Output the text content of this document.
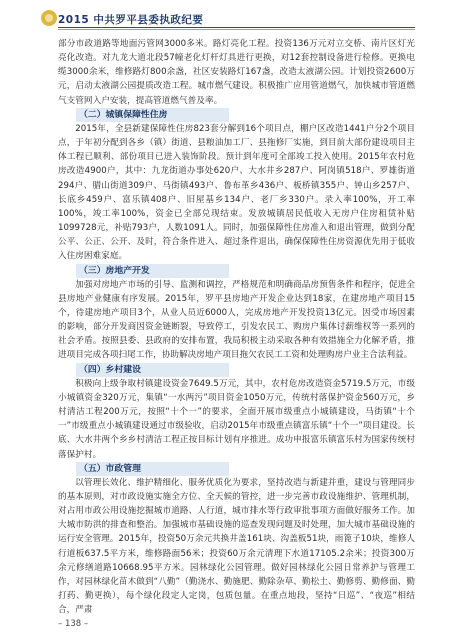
2015 中共罗平县委执政纪要

部分市政道路等地面污管网3000多米。路灯亮化工程。投资136万元对立交桥、南片区灯光亮化改造。对九龙大道北段57幢老化灯杆灯具进行更换，对12套控制设备进行检修。更换电缆3000余米，维修路灯800余盏，社区安装路灯167盏，改造太液湖公园。计划投资2600万元，启动太液湖公园提质改造工程。城市燃气建设。积极推广应用管道燃气，加快城市管道燃气支管网入户安装，提高管道燃气普及率。

（二）城镇保障性住房

2015年，全县新建保障性住房823套分解到16个项目点，棚户区改造1441户分2个项目点，于年初分配到各乡（镇）街道、县粮油加工厂、县拖修厂实施，到目前大部份建设项目主体工程已顺利、部份项目已进入装饰阶段。预计到年度可全部竣工投入使用。2015年农村危房改造4900户，其中：九龙街道办事处620户、大水井乡287户、阿岗镇518户、罗雄街道294户、腊山街道309户、马街镇493户、鲁布革乡436户、板桥镇355户、钟山乡257户、长底乡459户、富乐镇408户、旧屋基乡134户、老厂乡330户。录入率100%，开工率100%，竣工率100%，资金已全部兑现结束。发放城镇居民低收入无房户住房租赁补贴1099728元，补贴793户，人数1091人。同时，加强保障性住房准入和退出管理，做到分配公平、公正、公开、及时，符合条件进入、超过条件退出，确保保障性住房资源优先用于低收入住房困难家庭。

（三）房地产开发

加强对房地产市场的引导、监测和调控，严格规范和明确商品房预售条件和程序，促进全县房地产业健康有序发展。2015年，罗平县房地产开发企业达到18家，在建房地产项目15个，待建房地产项目3个，从业人员近6000人，完成房地产开发投资13亿元。因受市场因素的影响，部分开发商因资金链断裂，导致停工，引发农民工、购房户集体讨薪维权等一系列的社会矛盾。按照县委、县政府的安排布置，我局积极主动采取各种有效措施全力化解矛盾，推进项目完成各项扫尾工作，协助解决房地产项目拖欠农民工工资和处理购房户业主合法利益。

（四）乡村建设

积极向上级争取村镇建设资金7649.5万元，其中，农村危房改造资金5719.5万元，市级小城镇资金320万元，集镇“一水两污”项目资金1050万元，传统村落保护资金560万元，乡村清洁工程200万元，按照“十个一”的要求，全面开展市级重点小城镇建设，马街镇“十个一”市级重点小城镇建设通过市级验收，启动2015年市级重点镇富乐镇“十个一”项目建设。长底、大水井两个乡乡村清洁工程正按目标计划有序推进。成功申报富乐镇富乐村为国家传统村落保护村。

（五）市政管理

以管理长效化、维护精细化、服务优质化为要求，坚持改造与新建并重，建设与管理同步的基本原则，对市政设施实施全方位、全天候的管控，进一步完善市政设施维护、管理机制，对占用市政公用设施挖掘城市道路、人行道，城市排水等行政审批事项方面做好服务工作。加大城市防洪的排查和整治。加强城市基础设施的巡查发现问题及时处理，加大城市基础设施的运行安全管理。2015年，投资50万余元共换井盖161块、沟盖板51块，雨篦子10块，维修人行道板637.5平方米，维修路面56米；投资60万余元清理下水道17105.2余米；投资300万余元修缮道路10668.95平方米。园林绿化公园管理。做好园林绿化公园日常养护与管理工作，对园林绿化苗木做到“八勤”（勤浇水、勤施肥、勤除杂草、勤松土、勤修剪、勤修面、勤打药、勤更换），每个绿化段定人定岗，包质包量。在重点地段，坚持“日巡”、“夜巡”相结合，严肃

– 138 –
